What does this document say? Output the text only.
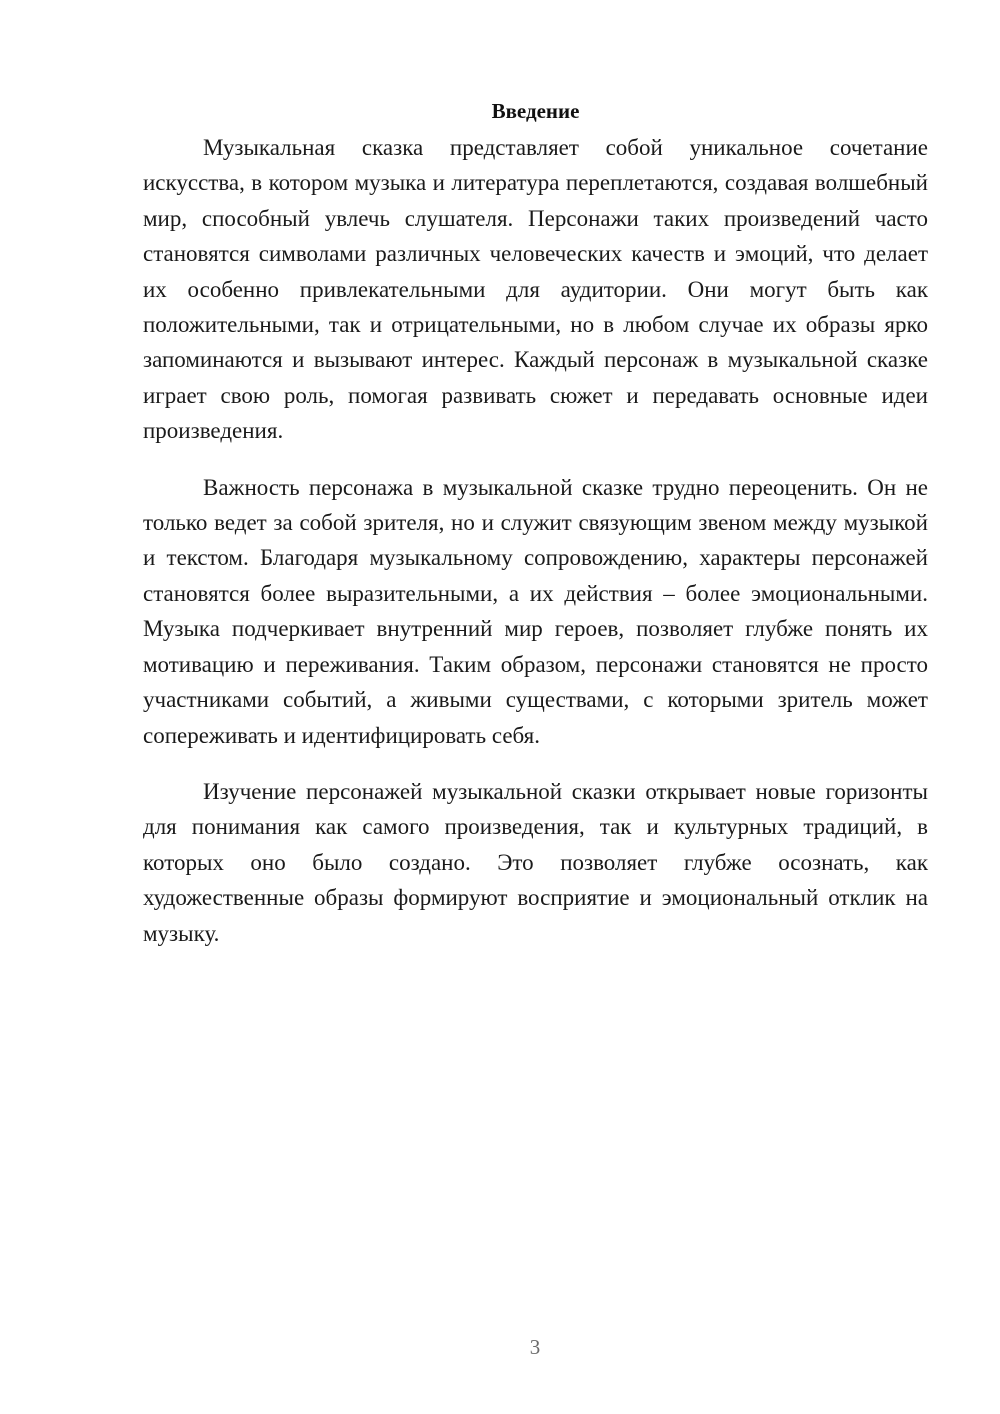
Введение

Музыкальная сказка представляет собой уникальное сочетание искусства, в котором музыка и литература переплетаются, создавая волшебный мир, способный увлечь слушателя. Персонажи таких произведений часто становятся символами различных человеческих качеств и эмоций, что делает их особенно привлекательными для аудитории. Они могут быть как положительными, так и отрицательными, но в любом случае их образы ярко запоминаются и вызывают интерес. Каждый персонаж в музыкальной сказке играет свою роль, помогая развивать сюжет и передавать основные идеи произведения.

Важность персонажа в музыкальной сказке трудно переоценить. Он не только ведет за собой зрителя, но и служит связующим звеном между музыкой и текстом. Благодаря музыкальному сопровождению, характеры персонажей становятся более выразительными, а их действия – более эмоциональными. Музыка подчеркивает внутренний мир героев, позволяет глубже понять их мотивацию и переживания. Таким образом, персонажи становятся не просто участниками событий, а живыми существами, с которыми зритель может сопереживать и идентифицировать себя.

Изучение персонажей музыкальной сказки открывает новые горизонты для понимания как самого произведения, так и культурных традиций, в которых оно было создано. Это позволяет глубже осознать, как художественные образы формируют восприятие и эмоциональный отклик на музыку.

3
